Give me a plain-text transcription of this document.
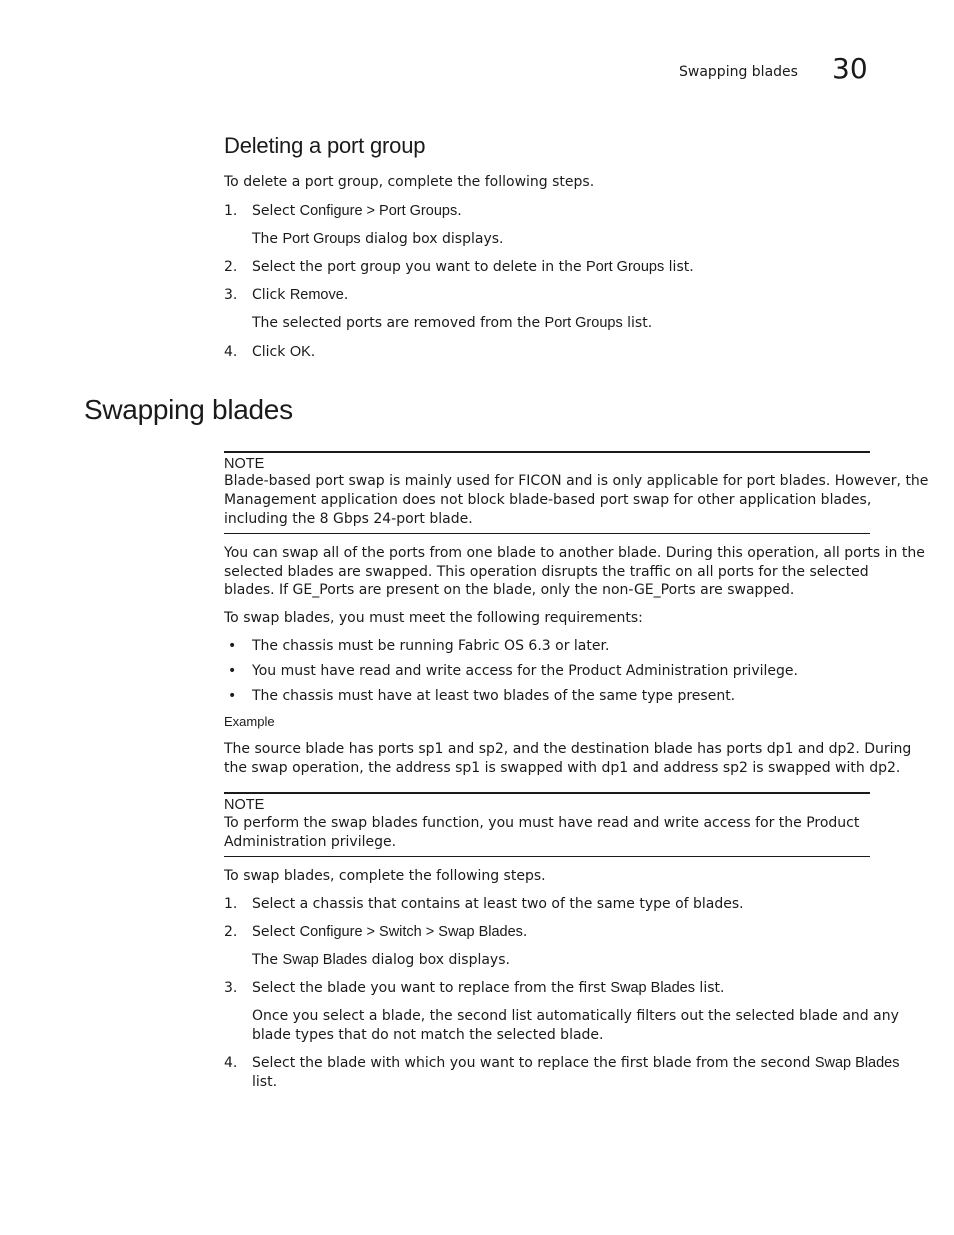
Swapping blades 30
Deleting a port group
To delete a port group, complete the following steps.
1. Select Configure > Port Groups.
The Port Groups dialog box displays.
2. Select the port group you want to delete in the Port Groups list.
3. Click Remove.
The selected ports are removed from the Port Groups list.
4. Click OK.
Swapping blades
NOTE
Blade-based port swap is mainly used for FICON and is only applicable for port blades. However, the
Management application does not block blade-based port swap for other application blades,
including the 8 Gbps 24-port blade.
You can swap all of the ports from one blade to another blade. During this operation, all ports in the
selected blades are swapped. This operation disrupts the traffic on all ports for the selected
blades. If GE_Ports are present on the blade, only the non-GE_Ports are swapped.
To swap blades, you must meet the following requirements:
• The chassis must be running Fabric OS 6.3 or later.
• You must have read and write access for the Product Administration privilege.
• The chassis must have at least two blades of the same type present.
Example
The source blade has ports sp1 and sp2, and the destination blade has ports dp1 and dp2. During
the swap operation, the address sp1 is swapped with dp1 and address sp2 is swapped with dp2.
NOTE
To perform the swap blades function, you must have read and write access for the Product
Administration privilege.
To swap blades, complete the following steps.
1. Select a chassis that contains at least two of the same type of blades.
2. Select Configure > Switch > Swap Blades.
The Swap Blades dialog box displays.
3. Select the blade you want to replace from the first Swap Blades list.
Once you select a blade, the second list automatically filters out the selected blade and any
blade types that do not match the selected blade.
4. Select the blade with which you want to replace the first blade from the second Swap Blades
list.
